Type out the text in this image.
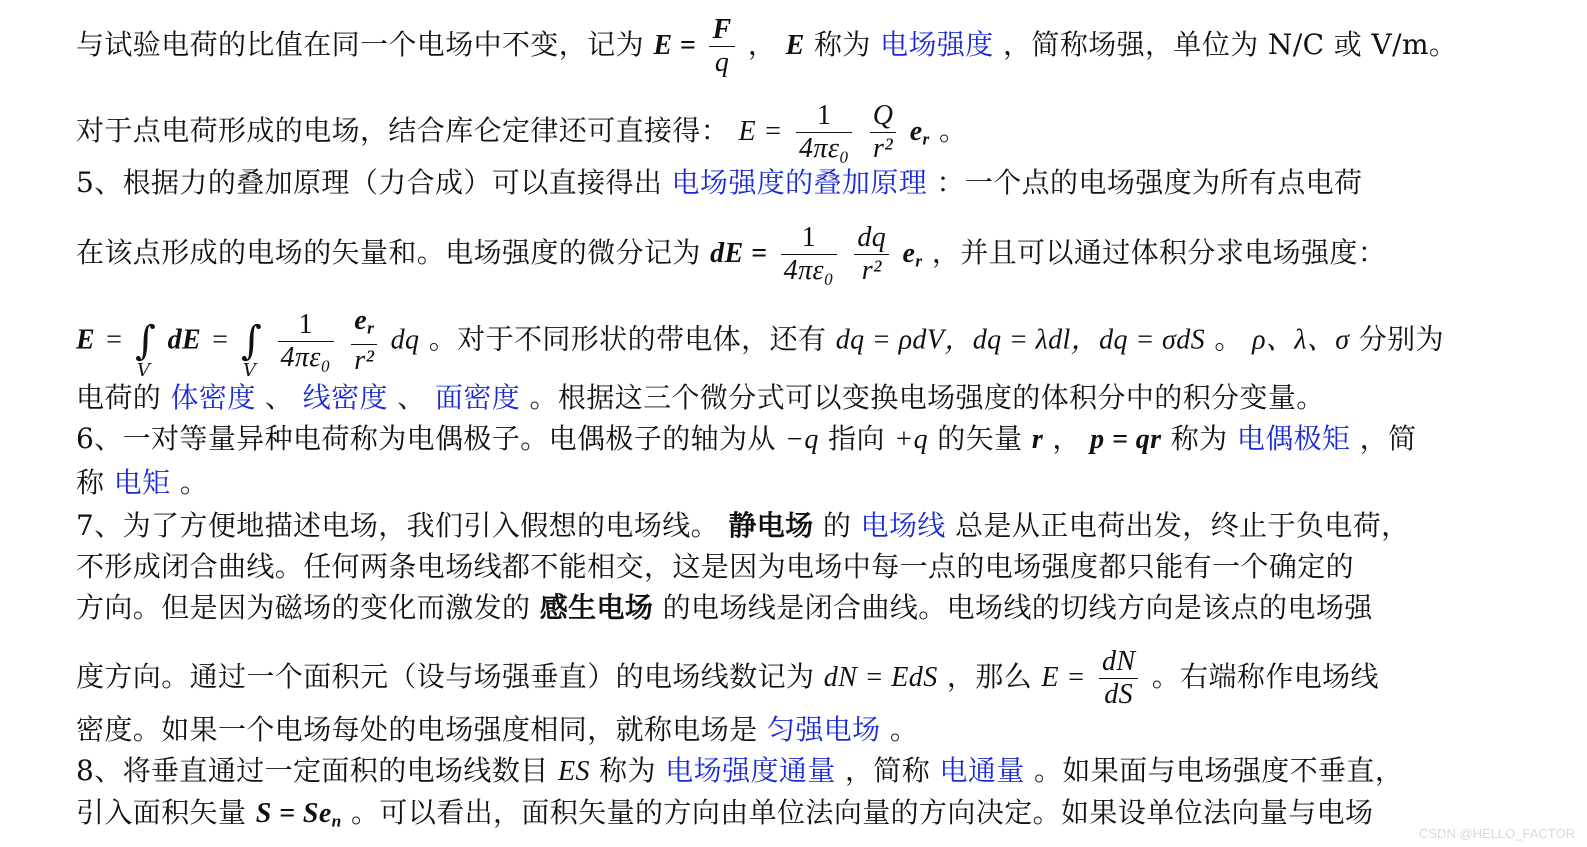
与试验电荷的比值在同一个电场中不变，记为 $E = \frac{F}{q}$ ， E 称为 电场强度 ，简称场强，单位为 N/C 或 V/m。
对于点电荷形成的电场，结合库仑定律还可直接得： $E = \frac{1}{\text{4πε₀}}$
$\frac{Q}{\text{r²}} e_r$ 。
5、根据力的叠加原理（力合成）可以直接得出 电场强度的叠加原理 ：一个点的电场强度为所有点电荷
在该点形成的电场的矢量和。电场强度的微分记为 dE = $\frac{1}{\text{4πε₀}}$
$\frac{dq}{\text{r²}} e_r$ ，并且可以通过体积分求电场强度：
E = ∫
V
dE = ∫
V
$\frac{1}{\text{4πε₀}}$
$\frac{e_r}{\text{r²}}$ dq 。对于不同形状的带电体，还有 dq = ρdV，dq = λdl，dq = σdS 。 ρ、λ、σ 分别为
电荷的 体密度 、 线密度 、 面密度 。根据这三个微分式可以变换电场强度的体积分中的积分变量。
6、一对等量异种电荷称为电偶极子。电偶极子的轴为从 −q 指向 +q 的矢量 r ， p = qr 称为 电偶极矩 ，简
称 电矩 。
7、为了方便地描述电场，我们引入假想的电场线。 静电场 的 电场线 总是从正电荷出发，终止于负电荷，
不形成闭合曲线。任何两条电场线都不能相交，这是因为电场中每一点的电场强度都只能有一个确定的
方向。但是因为磁场的变化而激发的 感生电场 的电场线是闭合曲线。电场线的切线方向是该点的电场强
度方向。通过一个面积元（设与场强垂直）的电场线数记为 dN = EdS ，那么 $E = \frac{dN}{dS}$ 。右端称作电场线
密度。如果一个电场每处的电场强度相同，就称电场是 匀强电场 。
8、将垂直通过一定面积的电场线数目 ES 称为 电场强度通量 ，简称 电通量 。如果面与电场强度不垂直，
引入面积矢量 $S = Se_n$ 。可以看出，面积矢量的方向由单位法向量的方向决定。如果设单位法向量与电场
CSDN @HELLO_FACTOR
